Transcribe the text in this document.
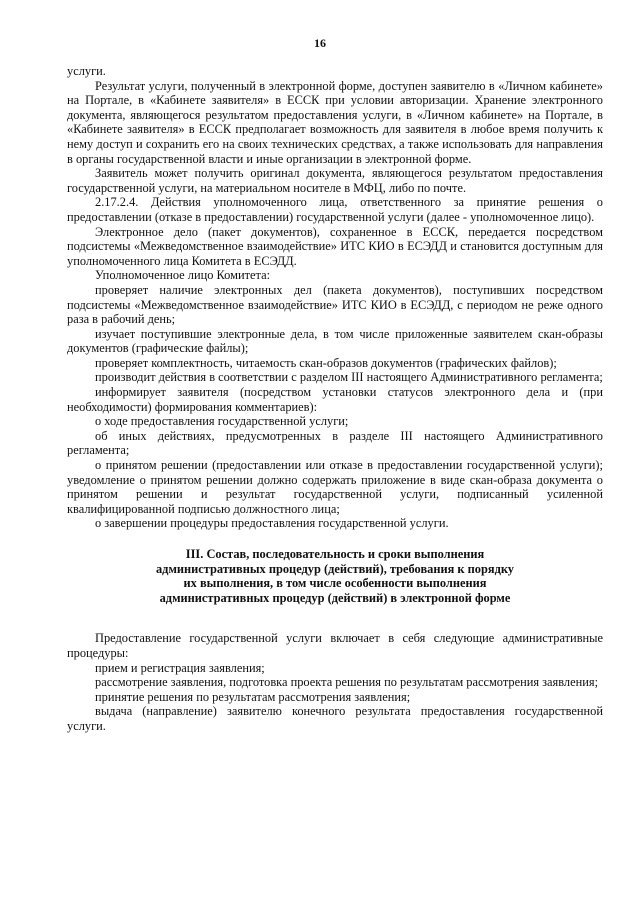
16

услуги.

Результат услуги, полученный в электронной форме, доступен заявителю в «Личном кабинете» на Портале, в «Кабинете заявителя» в ЕССК при условии авторизации. Хранение электронного документа, являющегося результатом предоставления услуги, в «Личном кабинете» на Портале, в «Кабинете заявителя» в ЕССК предполагает возможность для заявителя в любое время получить к нему доступ и сохранить его на своих технических средствах, а также использовать для направления в органы государственной власти и иные организации в электронной форме.

Заявитель может получить оригинал документа, являющегося результатом предоставления государственной услуги, на материальном носителе в МФЦ, либо по почте.

2.17.2.4. Действия уполномоченного лица, ответственного за принятие решения о предоставлении (отказе в предоставлении) государственной услуги (далее - уполномоченное лицо).

Электронное дело (пакет документов), сохраненное в ЕССК, передается посредством подсистемы «Межведомственное взаимодействие» ИТС КИО в ЕСЭДД и становится доступным для уполномоченного лица Комитета в ЕСЭДД.

Уполномоченное лицо Комитета:

проверяет наличие электронных дел (пакета документов), поступивших посредством подсистемы «Межведомственное взаимодействие» ИТС КИО в ЕСЭДД, с периодом не реже одного раза в рабочий день;

изучает поступившие электронные дела, в том числе приложенные заявителем скан-образы документов (графические файлы);

проверяет комплектность, читаемость скан-образов документов (графических файлов);

производит действия в соответствии с разделом III настоящего Административного регламента;

информирует заявителя (посредством установки статусов электронного дела и (при необходимости) формирования комментариев):

о ходе предоставления государственной услуги;

об иных действиях, предусмотренных в разделе III настоящего Административного регламента;

о принятом решении (предоставлении или отказе в предоставлении государственной услуги); уведомление о принятом решении должно содержать приложение в виде скан-образа документа о принятом решении и результат государственной услуги, подписанный усиленной квалифицированной подписью должностного лица;

о завершении процедуры предоставления государственной услуги.

III. Состав, последовательность и сроки выполнения
административных процедур (действий), требования к порядку
их выполнения, в том числе особенности выполнения
административных процедур (действий) в электронной форме

Предоставление государственной услуги включает в себя следующие административные процедуры:

прием и регистрация заявления;

рассмотрение заявления, подготовка проекта решения по результатам рассмотрения заявления;

принятие решения по результатам рассмотрения заявления;

выдача (направление) заявителю конечного результата предоставления государственной услуги.
